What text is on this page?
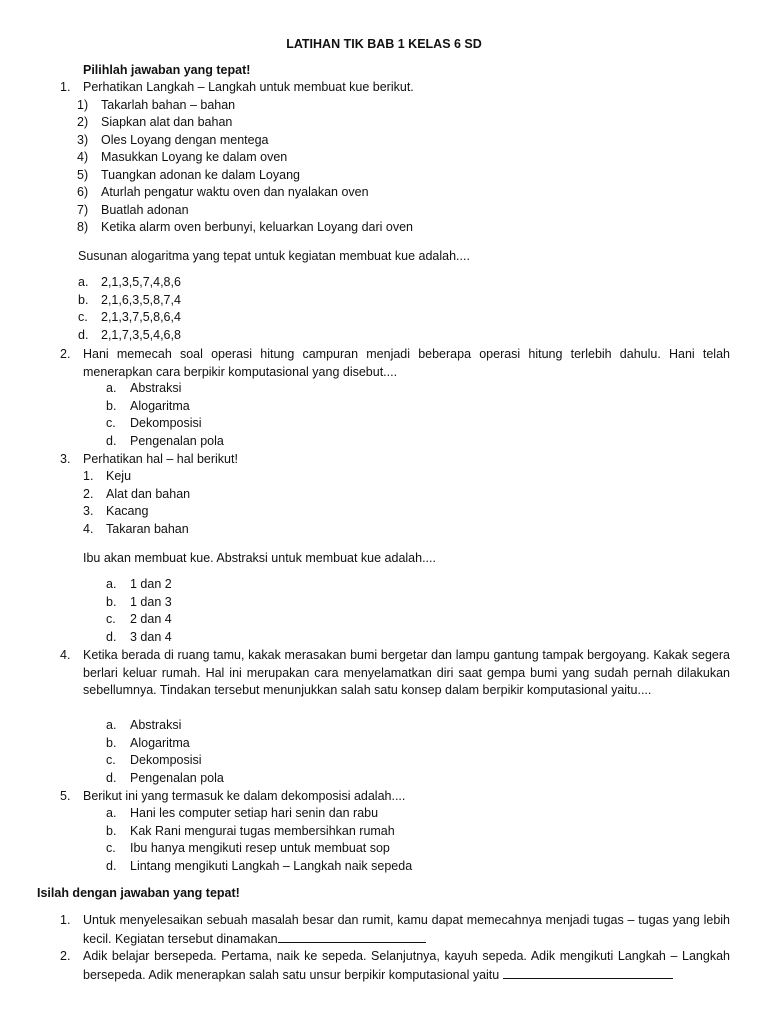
LATIHAN TIK BAB 1 KELAS 6 SD
Pilihlah jawaban yang tepat!
1. Perhatikan Langkah – Langkah untuk membuat kue berikut.
1) Takarlah bahan – bahan
2) Siapkan alat dan bahan
3) Oles Loyang dengan mentega
4) Masukkan Loyang ke dalam oven
5) Tuangkan adonan ke dalam Loyang
6) Aturlah pengatur waktu oven dan nyalakan oven
7) Buatlah adonan
8) Ketika alarm oven berbunyi, keluarkan Loyang dari oven
Susunan alogaritma yang tepat untuk kegiatan membuat kue adalah....
a. 2,1,3,5,7,4,8,6
b. 2,1,6,3,5,8,7,4
c. 2,1,3,7,5,8,6,4
d. 2,1,7,3,5,4,6,8
2. Hani memecah soal operasi hitung campuran menjadi beberapa operasi hitung terlebih dahulu. Hani telah menerapkan cara berpikir komputasional yang disebut....
a. Abstraksi
b. Alogaritma
c. Dekomposisi
d. Pengenalan pola
3. Perhatikan hal – hal berikut!
1. Keju
2. Alat dan bahan
3. Kacang
4. Takaran bahan
Ibu akan membuat kue. Abstraksi untuk membuat kue adalah....
a. 1 dan 2
b. 1 dan 3
c. 2 dan 4
d. 3 dan 4
4. Ketika berada di ruang tamu, kakak merasakan bumi bergetar dan lampu gantung tampak bergoyang. Kakak segera berlari keluar rumah. Hal ini merupakan cara menyelamatkan diri saat gempa bumi yang sudah pernah dilakukan sebellumnya. Tindakan tersebut menunjukkan salah satu konsep dalam berpikir komputasional yaitu....
a. Abstraksi
b. Alogaritma
c. Dekomposisi
d. Pengenalan pola
5. Berikut ini yang termasuk ke dalam dekomposisi adalah....
a. Hani les computer setiap hari senin dan rabu
b. Kak Rani mengurai tugas membersihkan rumah
c. Ibu hanya mengikuti resep untuk membuat sop
d. Lintang mengikuti Langkah – Langkah naik sepeda
Isilah dengan jawaban yang tepat!
1. Untuk menyelesaikan sebuah masalah besar dan rumit, kamu dapat memecahnya menjadi tugas – tugas yang lebih kecil. Kegiatan tersebut dinamakan
2. Adik belajar bersepeda. Pertama, naik ke sepeda. Selanjutnya, kayuh sepeda. Adik mengikuti Langkah – Langkah bersepeda. Adik menerapkan salah satu unsur berpikir komputasional yaitu
